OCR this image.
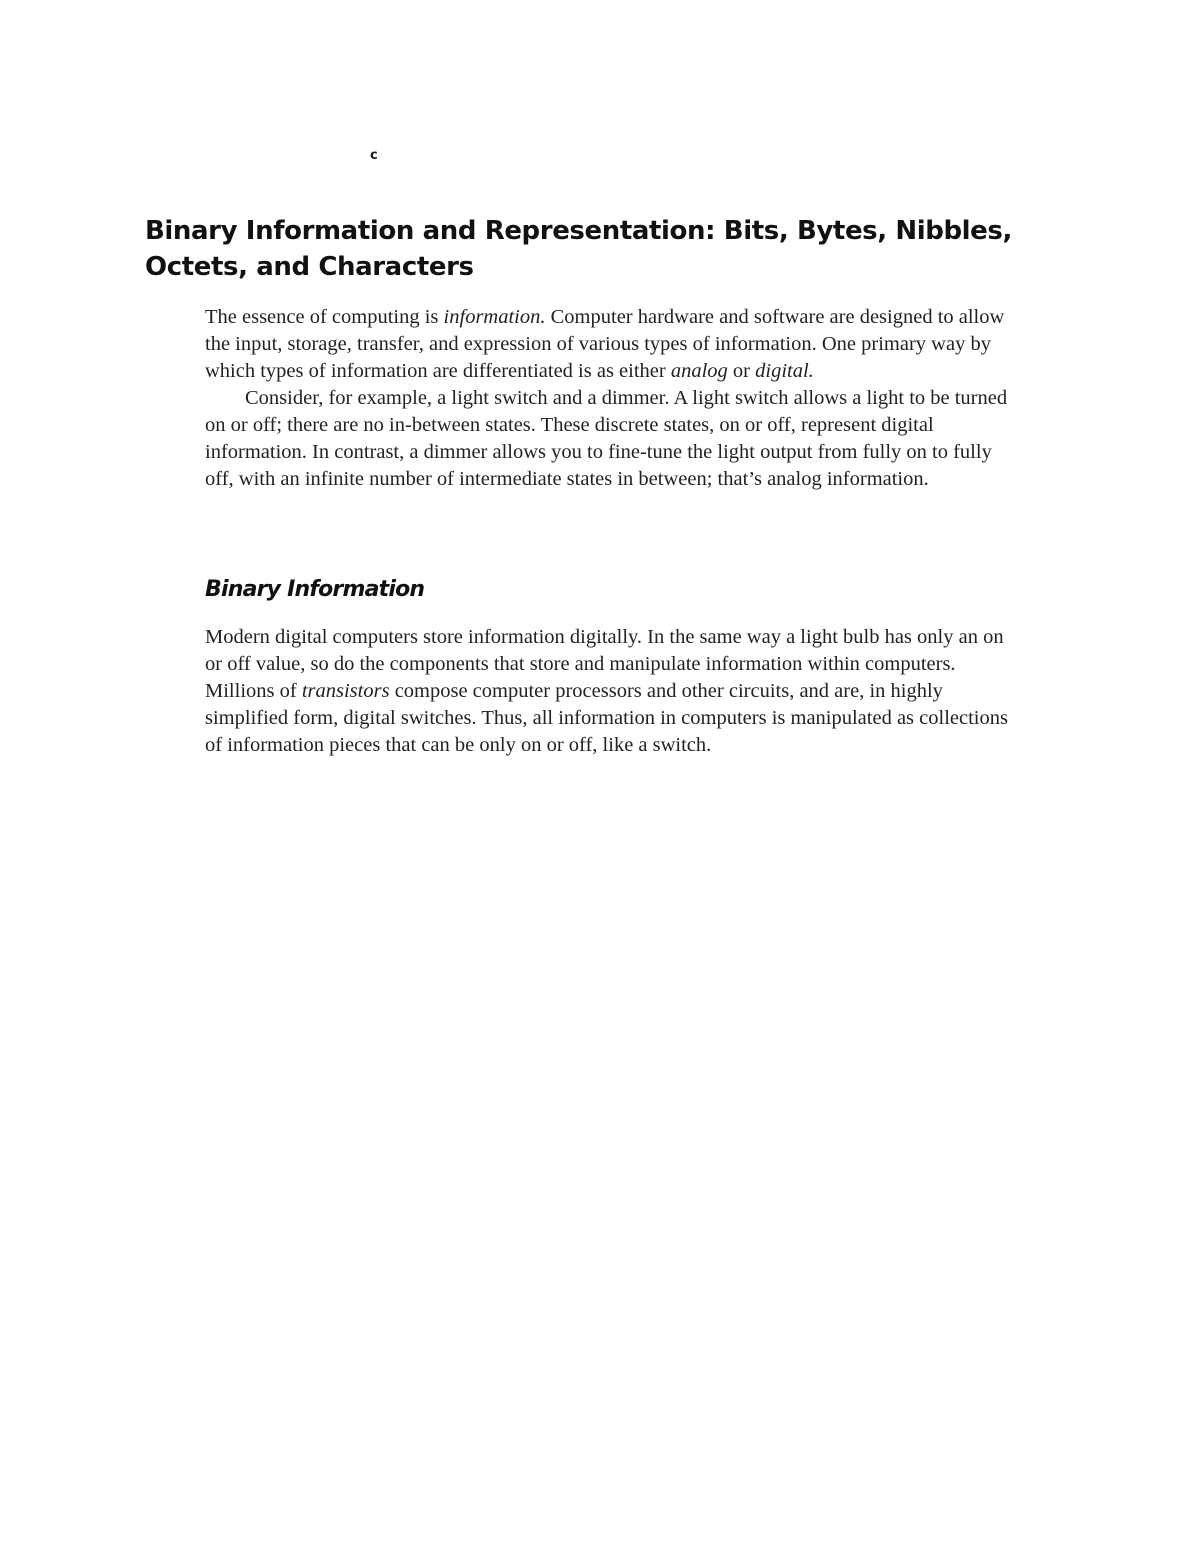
c
Binary Information and Representation: Bits, Bytes, Nibbles, Octets, and Characters

The essence of computing is information. Computer hardware and software are designed to allow the input, storage, transfer, and expression of various types of information. One primary way by which types of information are differentiated is as either analog or digital.

Consider, for example, a light switch and a dimmer. A light switch allows a light to be turned on or off; there are no in-between states. These discrete states, on or off, represent digital information. In contrast, a dimmer allows you to fine-tune the light output from fully on to fully off, with an infinite number of intermediate states in between; that’s analog information.

Binary Information

Modern digital computers store information digitally. In the same way a light bulb has only an on or off value, so do the components that store and manipulate information within computers. Millions of transistors compose computer processors and other circuits, and are, in highly simplified form, digital switches. Thus, all information in computers is manipulated as collections of information pieces that can be only on or off, like a switch.
